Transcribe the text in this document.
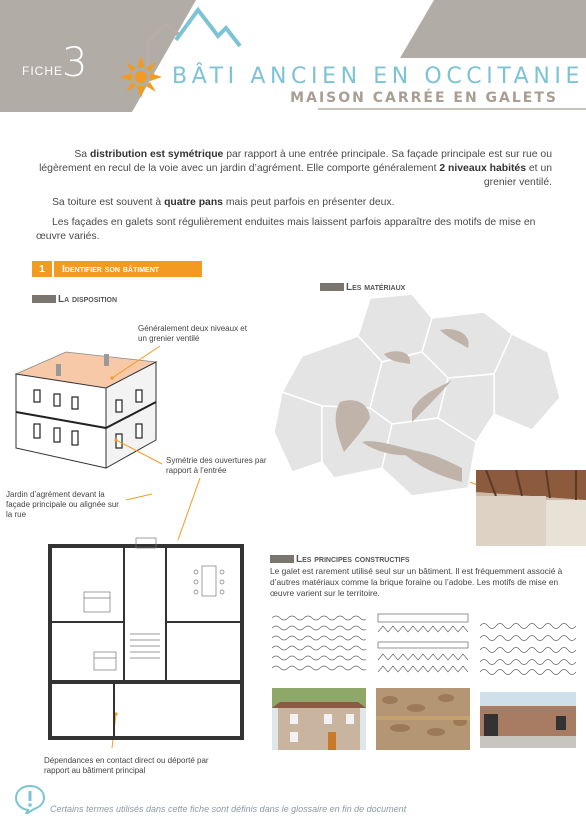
FICHE 3	BÂTI ANCIEN EN OCCITANIE
MAISON CARRÉE EN GALETS
Sa distribution est symétrique par rapport à une entrée principale. Sa façade principale est sur rue ou légèrement en recul de la voie avec un jardin d’agrément. Elle comporte généralement 2 niveaux habités et un grenier ventilé.
Sa toiture est souvent à quatre pans mais peut parfois en présenter deux.
Les façades en galets sont régulièrement enduites mais laissent parfois apparaître des motifs de mise en œuvre variés.
1 Identifier son bâtiment
La disposition
Généralement deux niveaux et un grenier ventilé
Symétrie des ouvertures par rapport à l’entrée
Jardin d’agrément devant la façade principale ou alignée sur la rue
Dépendances en contact direct ou déporté par rapport au bâtiment principal
Les matériaux
Les principes constructifs
Le galet est rarement utilisé seul sur un bâtiment. Il est fréquemment associé à d’autres matériaux comme la brique foraine ou l’adobe. Les motifs de mise en œuvre varient sur le territoire.
Certains termes utilisés dans cette fiche sont définis dans le glossaire en fin de document
